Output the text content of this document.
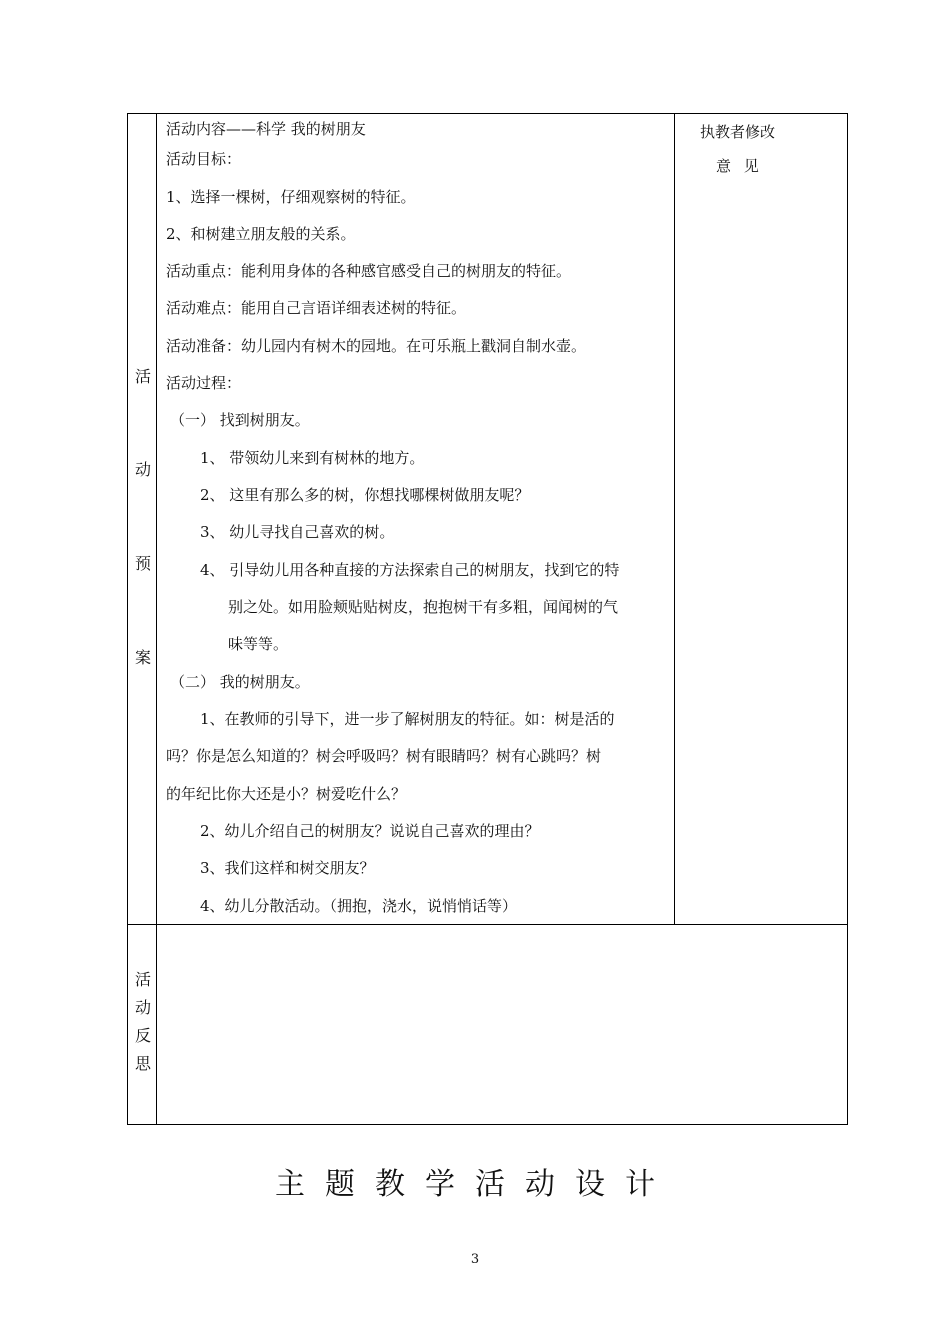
活
动
预
案
执教者修改
意 见
活动内容——科学 我的树朋友
活动目标：
1、选择一棵树，仔细观察树的特征。
2、和树建立朋友般的关系。
活动重点：能利用身体的各种感官感受自己的树朋友的特征。
活动难点：能用自己言语详细表述树的特征。
活动准备：幼儿园内有树木的园地。在可乐瓶上戳洞自制水壶。
活动过程：
（一） 找到树朋友。
1、 带领幼儿来到有树林的地方。
2、 这里有那么多的树，你想找哪棵树做朋友呢？
3、 幼儿寻找自己喜欢的树。
4、 引导幼儿用各种直接的方法探索自己的树朋友，找到它的特
别之处。如用脸颊贴贴树皮，抱抱树干有多粗，闻闻树的气
味等等。
（二） 我的树朋友。
1、在教师的引导下，进一步了解树朋友的特征。如：树是活的
吗？你是怎么知道的？树会呼吸吗？树有眼睛吗？树有心跳吗？树
的年纪比你大还是小？树爱吃什么？
2、幼儿介绍自己的树朋友？说说自己喜欢的理由？
3、我们这样和树交朋友？
4、幼儿分散活动。（拥抱，浇水，说悄悄话等）
活
动
反
思
主题教学活动设计
3
